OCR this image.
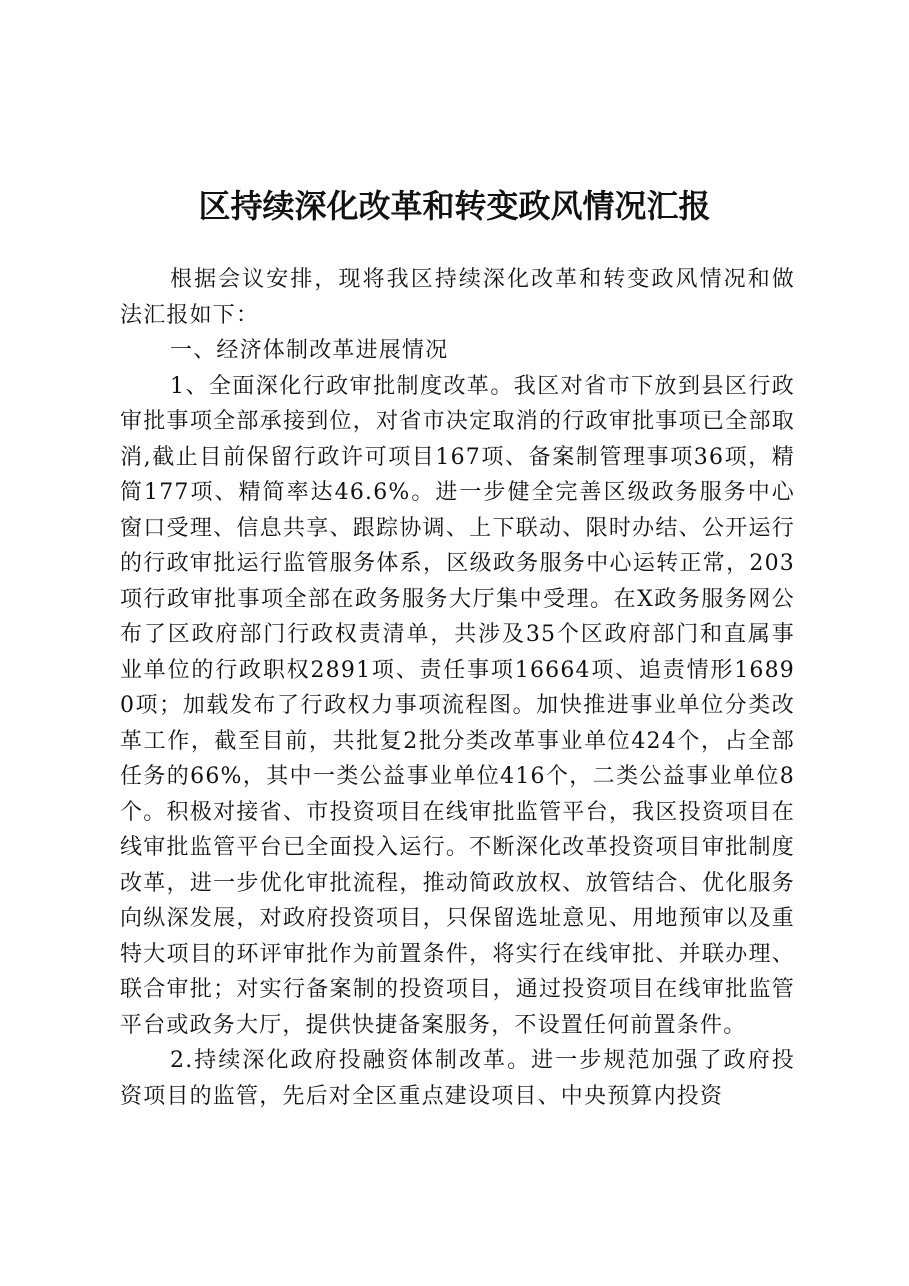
区持续深化改革和转变政风情况汇报

根据会议安排，现将我区持续深化改革和转变政风情况和做法汇报如下：

一、经济体制改革进展情况

1、全面深化行政审批制度改革。我区对省市下放到县区行政审批事项全部承接到位，对省市决定取消的行政审批事项已全部取消,截止目前保留行政许可项目167项、备案制管理事项36项，精简177项、精简率达46.6%。进一步健全完善区级政务服务中心窗口受理、信息共享、跟踪协调、上下联动、限时办结、公开运行的行政审批运行监管服务体系，区级政务服务中心运转正常，203项行政审批事项全部在政务服务大厅集中受理。在X政务服务网公布了区政府部门行政权责清单，共涉及35个区政府部门和直属事业单位的行政职权2891项、责任事项16664项、追责情形16890项；加载发布了行政权力事项流程图。加快推进事业单位分类改革工作，截至目前，共批复2批分类改革事业单位424个，占全部任务的66%，其中一类公益事业单位416个，二类公益事业单位8个。积极对接省、市投资项目在线审批监管平台，我区投资项目在线审批监管平台已全面投入运行。不断深化改革投资项目审批制度改革，进一步优化审批流程，推动简政放权、放管结合、优化服务向纵深发展，对政府投资项目，只保留选址意见、用地预审以及重特大项目的环评审批作为前置条件，将实行在线审批、并联办理、联合审批；对实行备案制的投资项目，通过投资项目在线审批监管平台或政务大厅，提供快捷备案服务，不设置任何前置条件。

2.持续深化政府投融资体制改革。进一步规范加强了政府投资项目的监管，先后对全区重点建设项目、中央预算内投资
